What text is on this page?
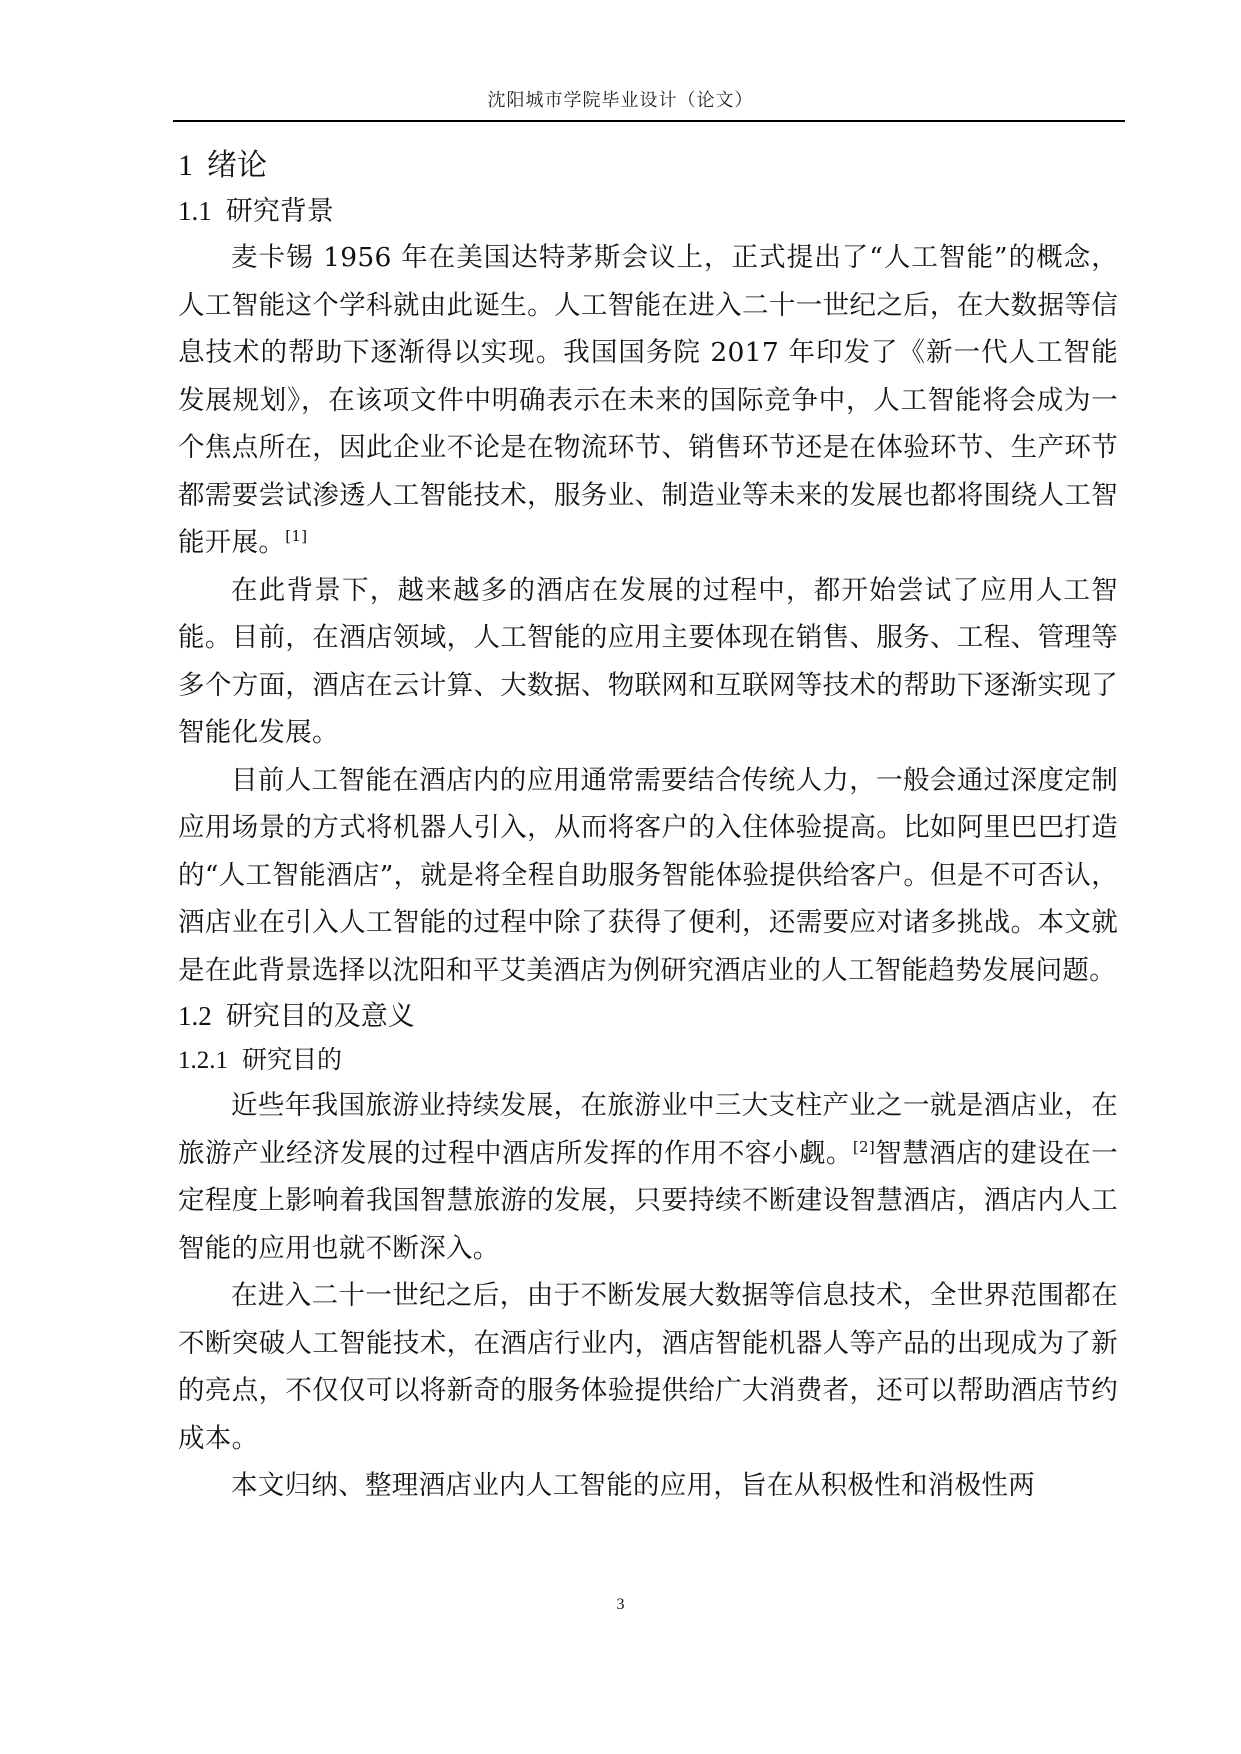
沈阳城市学院毕业设计（论文）
1 绪论
1.1 研究背景

麦卡锡 1956 年在美国达特茅斯会议上，正式提出了“人工智能”的概念，人工智能这个学科就由此诞生。人工智能在进入二十一世纪之后，在大数据等信息技术的帮助下逐渐得以实现。我国国务院 2017 年印发了《新一代人工智能发展规划》，在该项文件中明确表示在未来的国际竞争中，人工智能将会成为一个焦点所在，因此企业不论是在物流环节、销售环节还是在体验环节、生产环节都需要尝试渗透人工智能技术，服务业、制造业等未来的发展也都将围绕人工智能开展。[1]

在此背景下，越来越多的酒店在发展的过程中，都开始尝试了应用人工智能。目前，在酒店领域，人工智能的应用主要体现在销售、服务、工程、管理等多个方面，酒店在云计算、大数据、物联网和互联网等技术的帮助下逐渐实现了智能化发展。

目前人工智能在酒店内的应用通常需要结合传统人力，一般会通过深度定制应用场景的方式将机器人引入，从而将客户的入住体验提高。比如阿里巴巴打造的“人工智能酒店”，就是将全程自助服务智能体验提供给客户。但是不可否认，酒店业在引入人工智能的过程中除了获得了便利，还需要应对诸多挑战。本文就是在此背景选择以沈阳和平艾美酒店为例研究酒店业的人工智能趋势发展问题。

1.2 研究目的及意义
1.2.1 研究目的

近些年我国旅游业持续发展，在旅游业中三大支柱产业之一就是酒店业，在旅游产业经济发展的过程中酒店所发挥的作用不容小觑。[2]智慧酒店的建设在一定程度上影响着我国智慧旅游的发展，只要持续不断建设智慧酒店，酒店内人工智能的应用也就不断深入。

在进入二十一世纪之后，由于不断发展大数据等信息技术，全世界范围都在不断突破人工智能技术，在酒店行业内，酒店智能机器人等产品的出现成为了新的亮点，不仅仅可以将新奇的服务体验提供给广大消费者，还可以帮助酒店节约成本。

本文归纳、整理酒店业内人工智能的应用，旨在从积极性和消极性两

3
